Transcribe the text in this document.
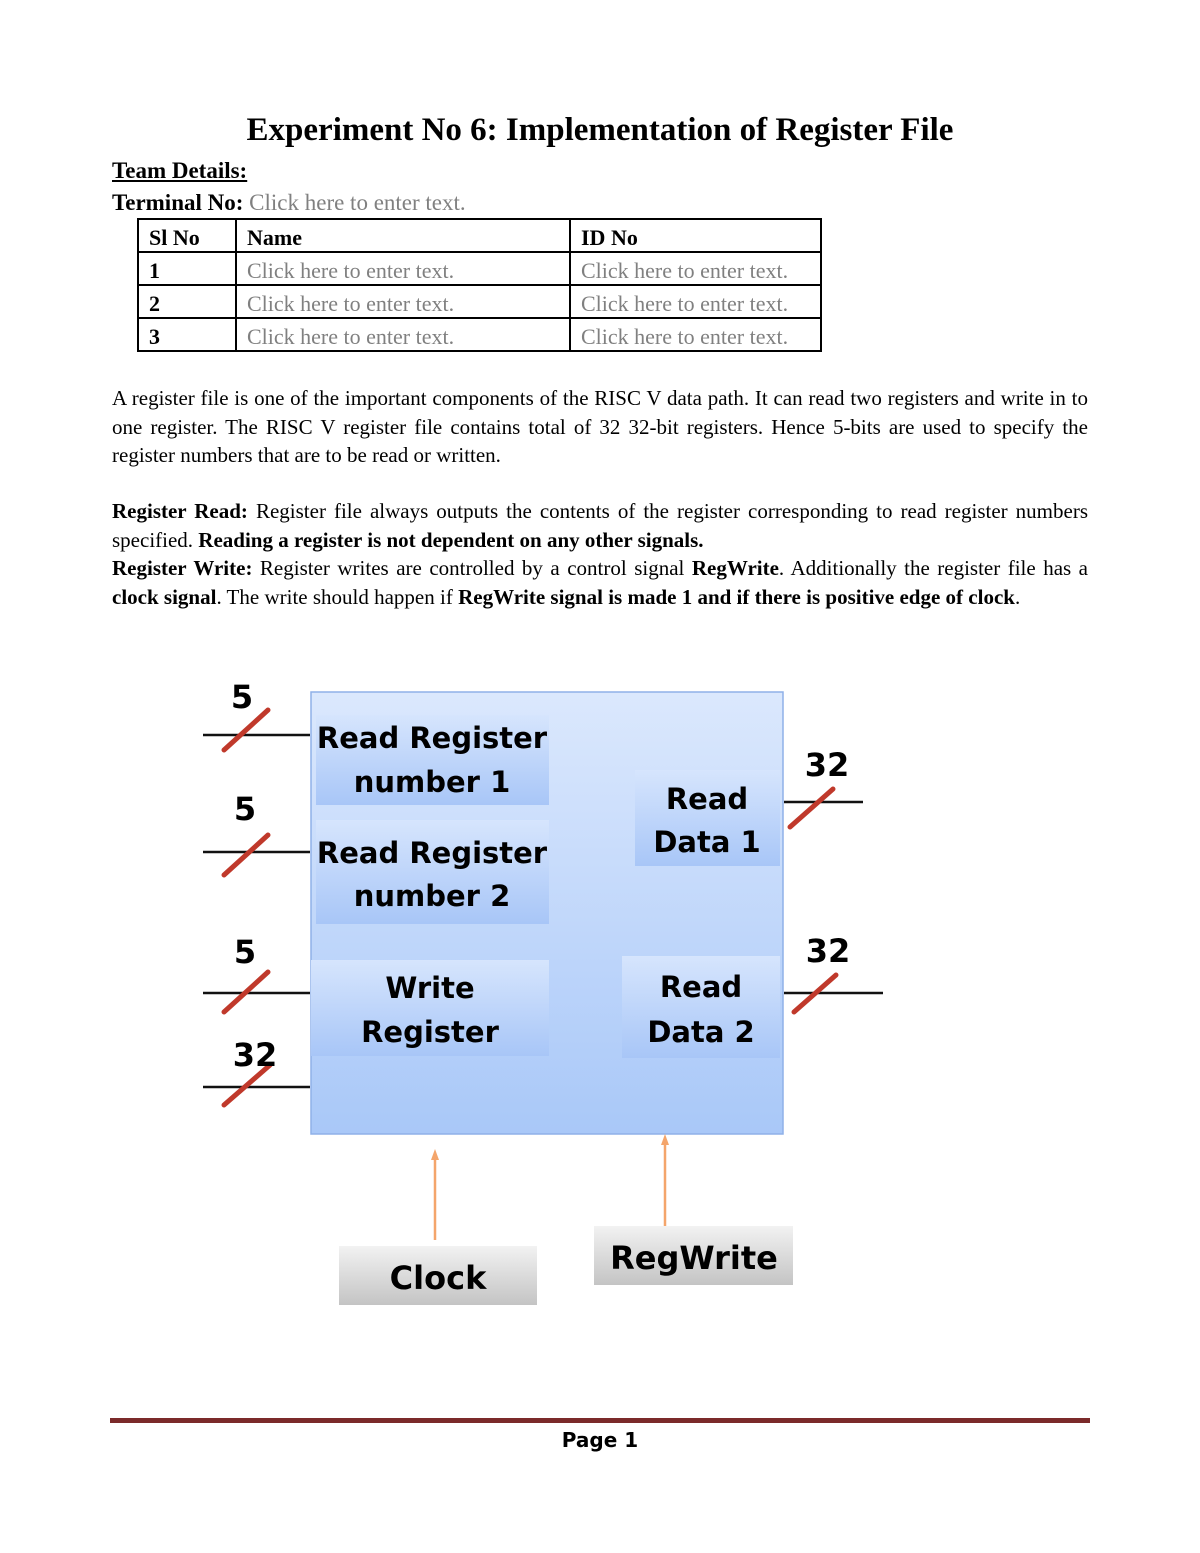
Experiment No 6: Implementation of Register File
Team Details:
Terminal No: Click here to enter text.
Sl No	Name	ID No
1	Click here to enter text.	Click here to enter text.
2	Click here to enter text.	Click here to enter text.
3	Click here to enter text.	Click here to enter text.
A register file is one of the important components of the RISC V data path. It can read two registers and write in to one register. The RISC V register file contains total of 32 32-bit registers. Hence 5-bits are used to specify the register numbers that are to be read or written.
Register Read: Register file always outputs the contents of the register corresponding to read register numbers specified. Reading a register is not dependent on any other signals.
Register Write: Register writes are controlled by a control signal RegWrite. Additionally the register file has a clock signal. The write should happen if RegWrite signal is made 1 and if there is positive edge of clock.
Read Register
number 1
Read Register
number 2
Write
Register
Read
Data 1
Read
Data 2
5
5
5
32
32
32
Clock
RegWrite
Page 1
